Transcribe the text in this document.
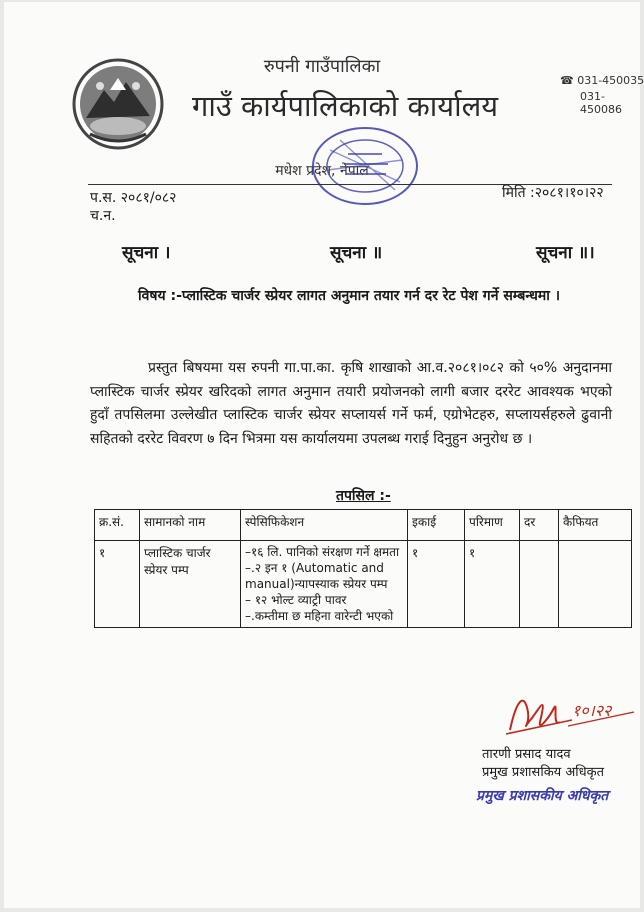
रुपनी गाउँपालिका
गाउँ कार्यपालिकाको कार्यालय
☎ 031-450035
031-450086
मधेश प्रदेश, नेपाल
प.स. २०८१/०८२
च.न.
मिति :२०८१।१०।२२
सूचना ।	सूचना ॥	सूचना ॥।
विषय :-प्लास्टिक चार्जर स्प्रेयर लागत अनुमान तयार गर्न दर रेट पेश गर्ने सम्बन्धमा ।
प्रस्तुत बिषयमा यस रुपनी गा.पा.का. कृषि शाखाको आ.व.२०८१।०८२ को ५०% अनुदानमा प्लास्टिक चार्जर स्प्रेयर खरिदको लागत अनुमान तयारी प्रयोजनको लागी बजार दररेट आवश्यक भएको हुदाँ तपसिलमा उल्लेखीत प्लास्टिक चार्जर स्प्रेयर सप्लायर्स गर्ने फर्म, एग्रोभेटहरु, सप्लायर्सहरुले ढुवानी सहितको दररेट विवरण ७ दिन भित्रमा यस कार्यालयमा उपलब्ध गराई दिनुहुन अनुरोध छ ।
तपसिल :-
क्र.सं.	सामानको नाम	स्पेसिफिकेशन	इकाई	परिमाण	दर	कैफियत
१	प्लास्टिक चार्जर स्प्रेयर पम्प	–१६ लि. पानिको संरक्षण गर्ने क्षमता

–.२ इन १ (Automatic and manual)न्यापस्याक स्प्रेयर पम्प

– १२ भोल्ट व्याट्री पावर

–.कम्तीमा छ महिना वारेन्टी भएको	१	१		
१०।२२
तारणी प्रसाद यादव
प्रमुख प्रशासकिय अधिकृत
प्रमुख प्रशासकीय अधिकृत
